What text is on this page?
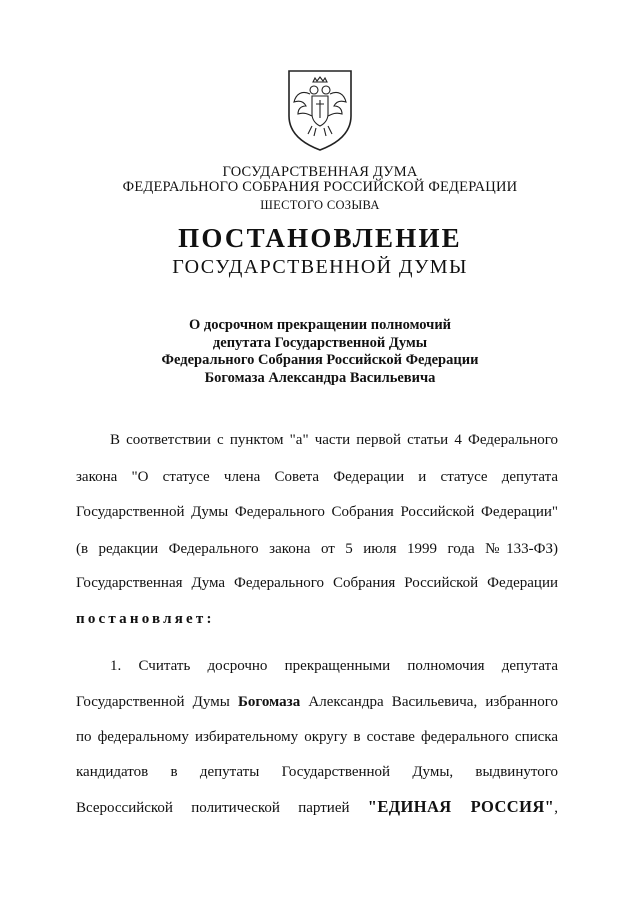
ГОСУДАРСТВЕННАЯ ДУМА
ФЕДЕРАЛЬНОГО СОБРАНИЯ РОССИЙСКОЙ ФЕДЕРАЦИИ
ШЕСТОГО СОЗЫВА
ПОСТАНОВЛЕНИЕ
ГОСУДАРСТВЕННОЙ ДУМЫ
О досрочном прекращении полномочий
депутата Государственной Думы
Федерального Собрания Российской Федерации
Богомаза Александра Васильевича
В соответствии с пунктом "а" части первой статьи 4 Федерального
закона "О статусе члена Совета Федерации и статусе депутата
Государственной Думы Федерального Собрания Российской Федерации"
(в редакции Федерального закона от 5 июля 1999 года №133-ФЗ)
Государственная Дума Федерального Собрания Российской Федерации
постановляет:
1. Считать досрочно прекращенными полномочия депутата
Государственной Думы Богомаза Александра Васильевича, избранного
по федеральному избирательному округу в составе федерального списка
кандидатов в депутаты Государственной Думы, выдвинутого
Всероссийской политической партией "ЕДИНАЯ РОССИЯ",
